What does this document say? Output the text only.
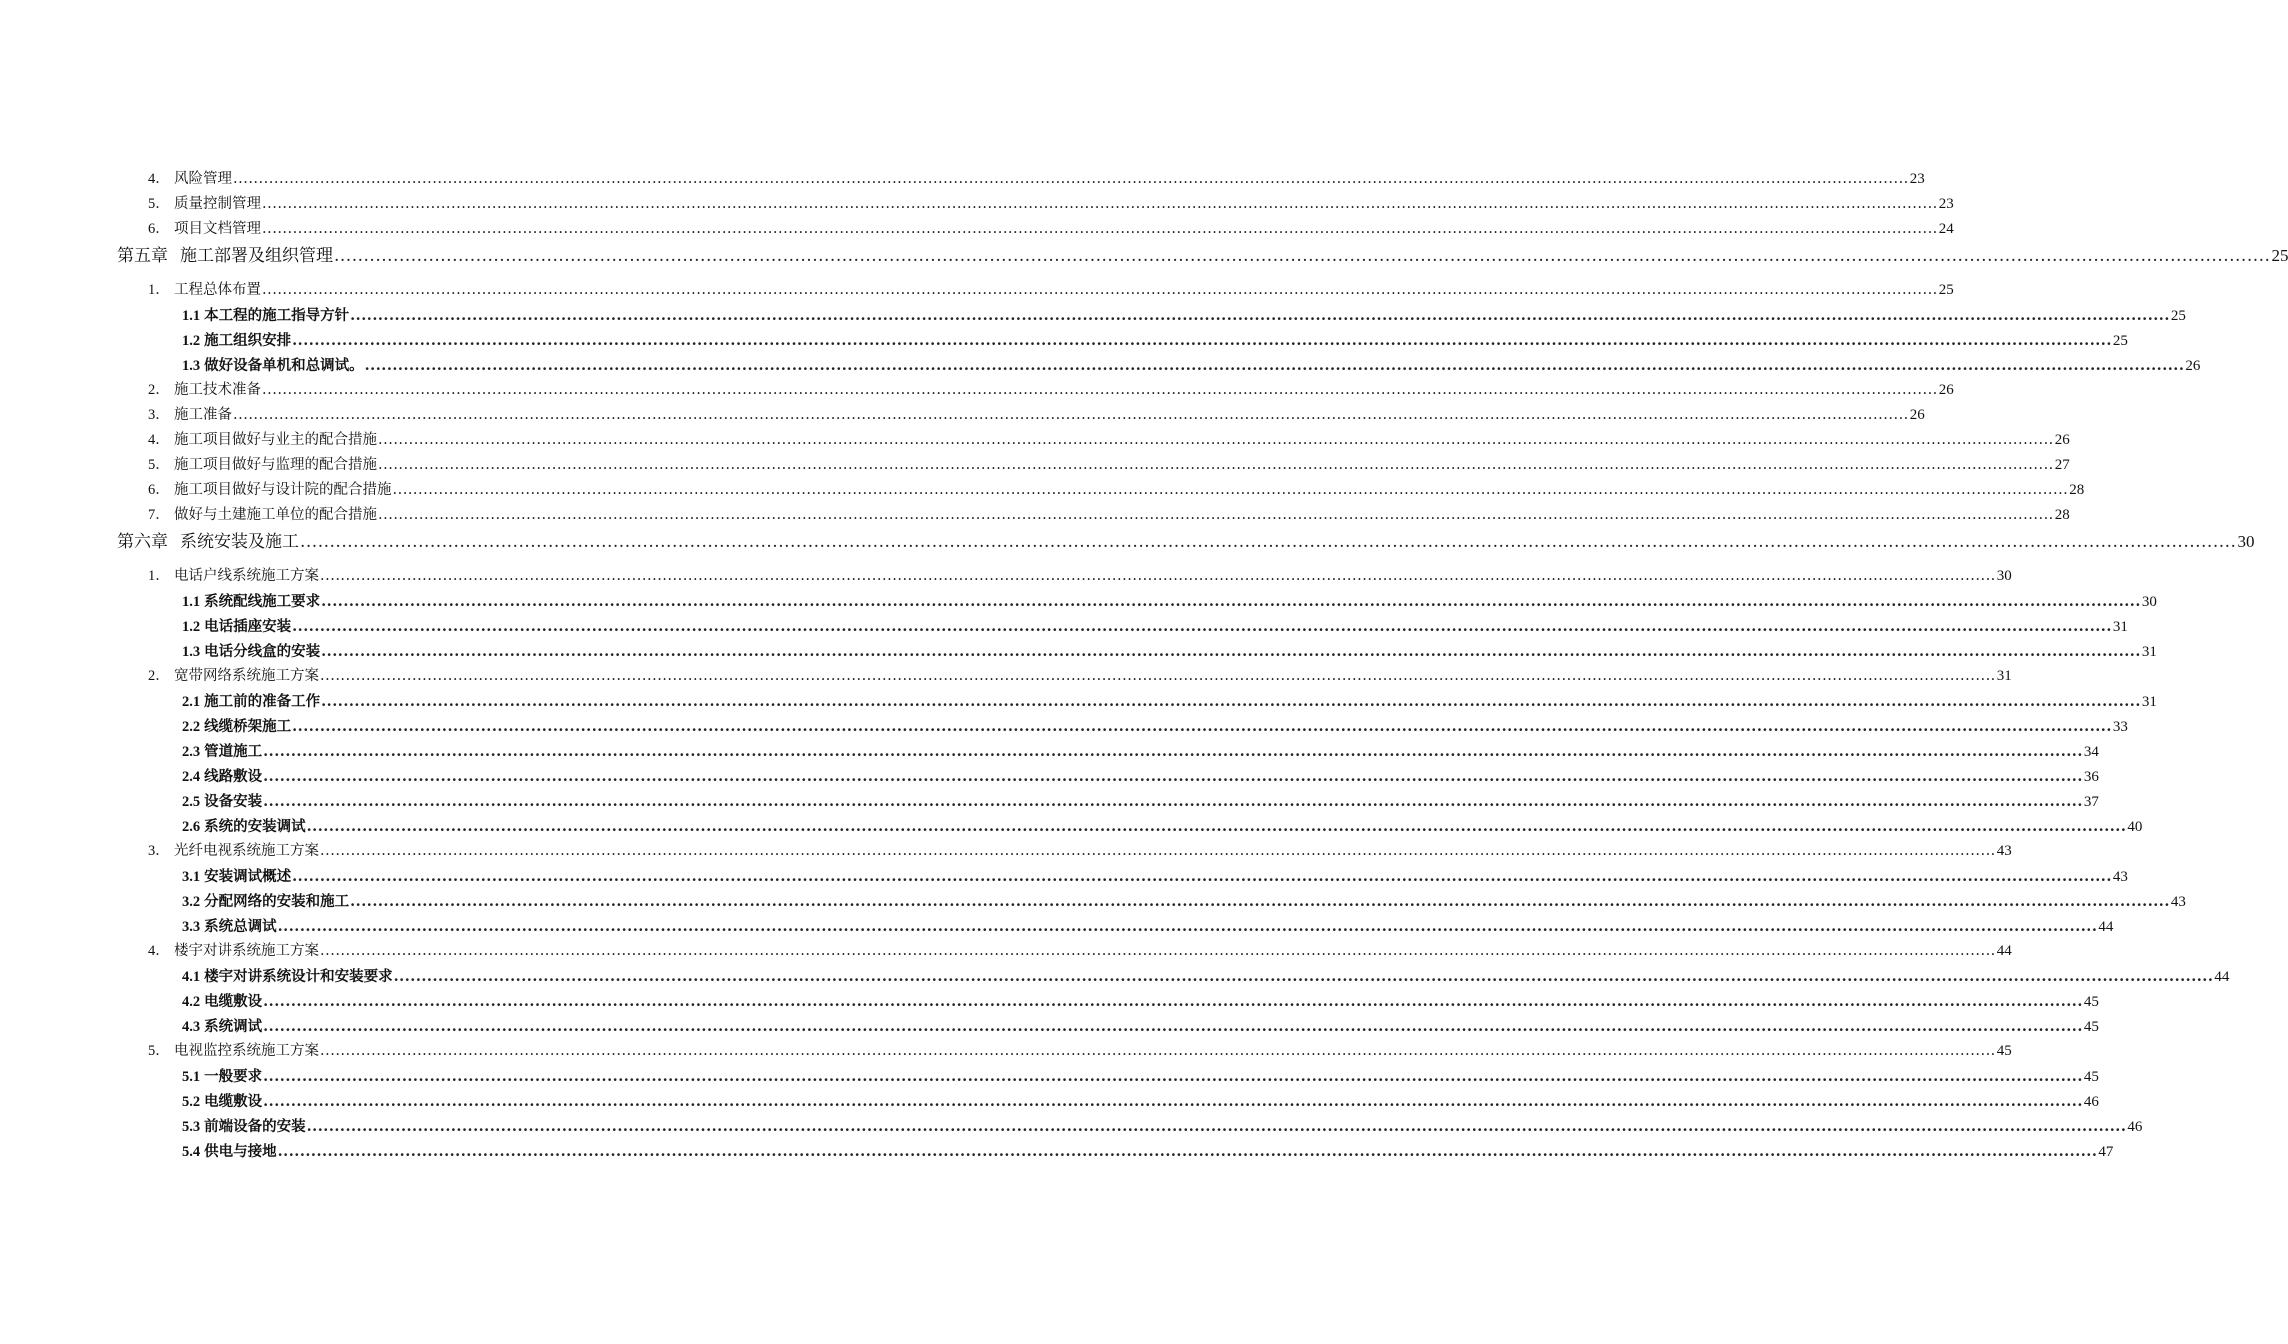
4． 风险管理 .....	23
5． 质量控制管理 .....	23
6． 项目文档管理 .....	24
第五章 施工部署及组织管理 .....	25
1． 工程总体布置 .....	25
1.1 本工程的施工指导方针 .....	25
1.2 施工组织安排 .....	25
1.3 做好设备单机和总调试。 .....	26
2． 施工技术准备 .....	26
3． 施工准备 .....	26
4． 施工项目做好与业主的配合措施 .....	26
5． 施工项目做好与监理的配合措施 .....	27
6． 施工项目做好与设计院的配合措施 .....	28
7． 做好与土建施工单位的配合措施 .....	28
第六章 系统安装及施工 .....	30
1． 电话户线系统施工方案 .....	30
1.1 系统配线施工要求 .....	30
1.2 电话插座安装 .....	31
1.3 电话分线盒的安装 .....	31
2． 宽带网络系统施工方案 .....	31
2.1 施工前的准备工作 .....	31
2.2 线缆桥架施工 .....	33
2.3 管道施工 .....	34
2.4 线路敷设 .....	36
2.5 设备安装 .....	37
2.6 系统的安装调试 .....	40
3． 光纤电视系统施工方案 .....	43
3.1 安装调试概述 .....	43
3.2 分配网络的安装和施工 .....	43
3.3 系统总调试 .....	44
4． 楼宇对讲系统施工方案 .....	44
4.1 楼宇对讲系统设计和安装要求 .....	44
4.2 电缆敷设 .....	45
4.3 系统调试 .....	45
5． 电视监控系统施工方案 .....	45
5.1 一般要求 .....	45
5.2 电缆敷设 .....	46
5.3 前端设备的安装 .....	46
5.4 供电与接地 .....	47
